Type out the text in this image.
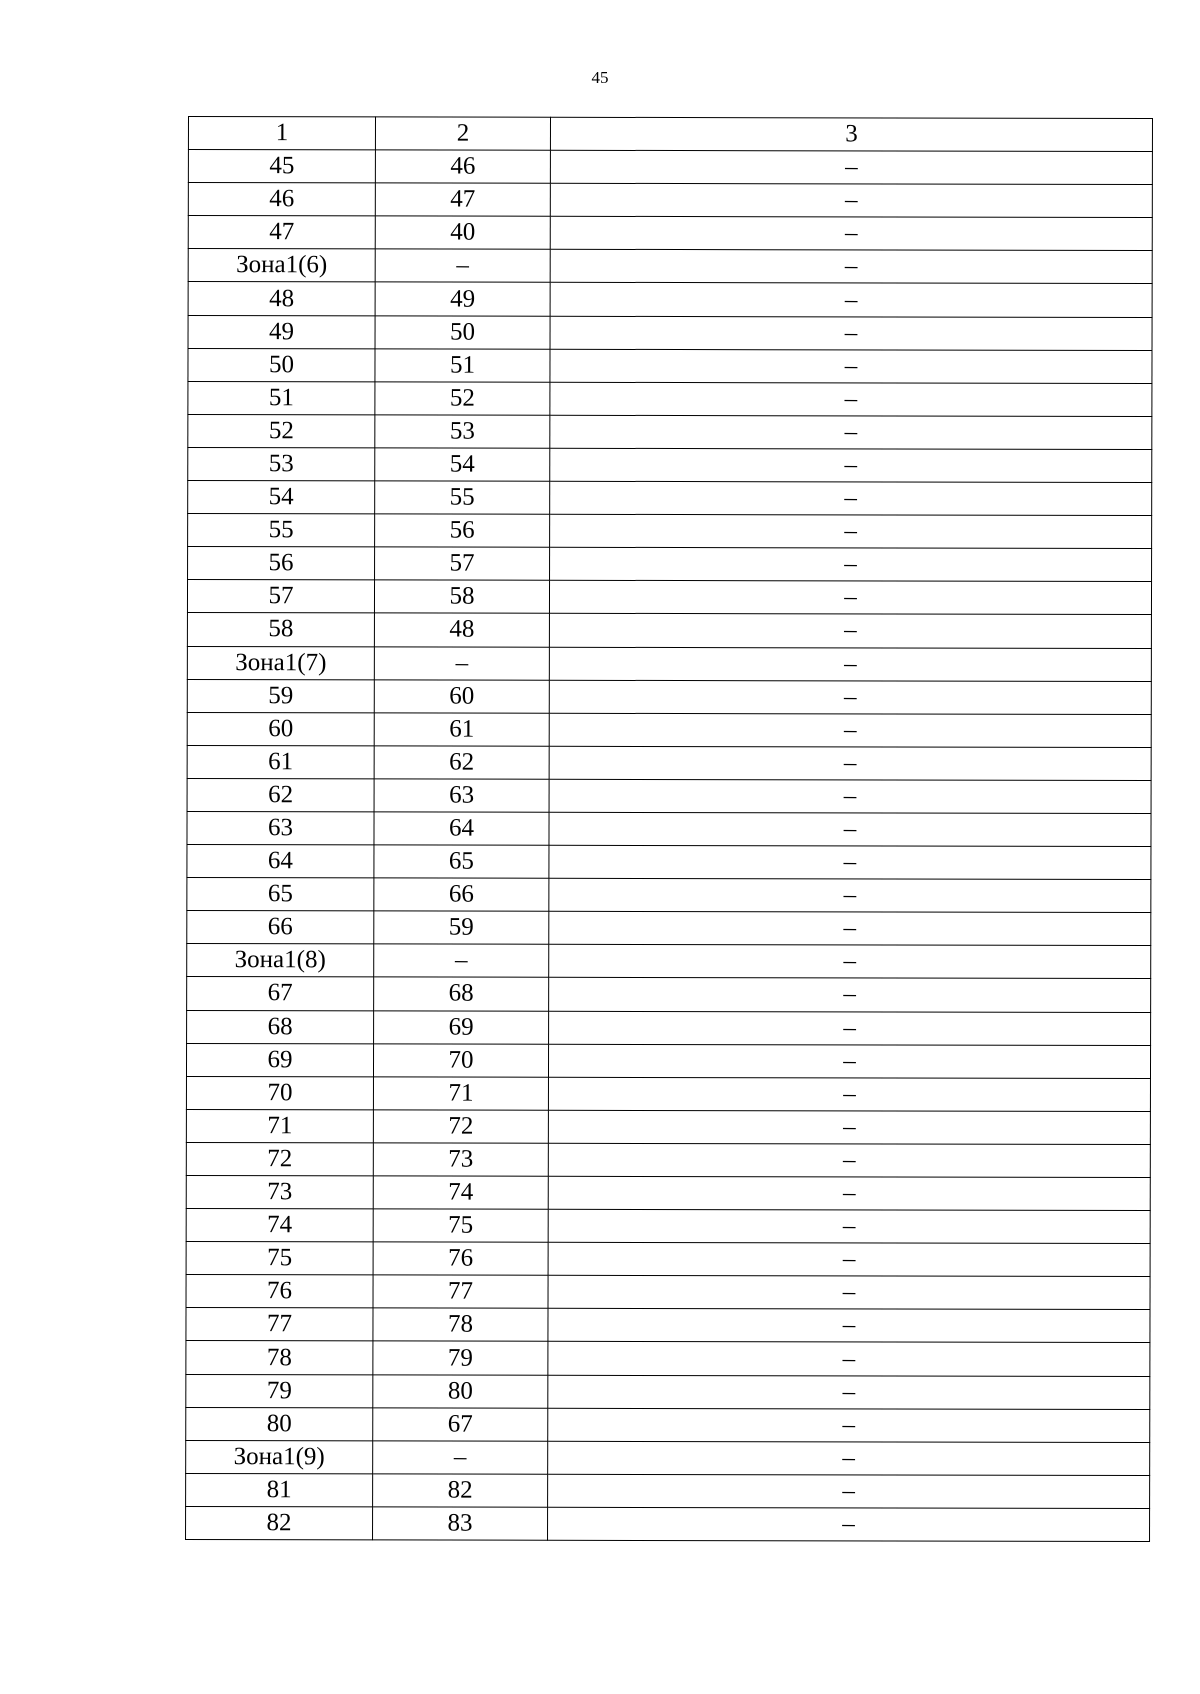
45
1	2	3
45	46	–
46	47	–
47	40	–
Зона1(6)	–	–
48	49	–
49	50	–
50	51	–
51	52	–
52	53	–
53	54	–
54	55	–
55	56	–
56	57	–
57	58	–
58	48	–
Зона1(7)	–	–
59	60	–
60	61	–
61	62	–
62	63	–
63	64	–
64	65	–
65	66	–
66	59	–
Зона1(8)	–	–
67	68	–
68	69	–
69	70	–
70	71	–
71	72	–
72	73	–
73	74	–
74	75	–
75	76	–
76	77	–
77	78	–
78	79	–
79	80	–
80	67	–
Зона1(9)	–	–
81	82	–
82	83	–
